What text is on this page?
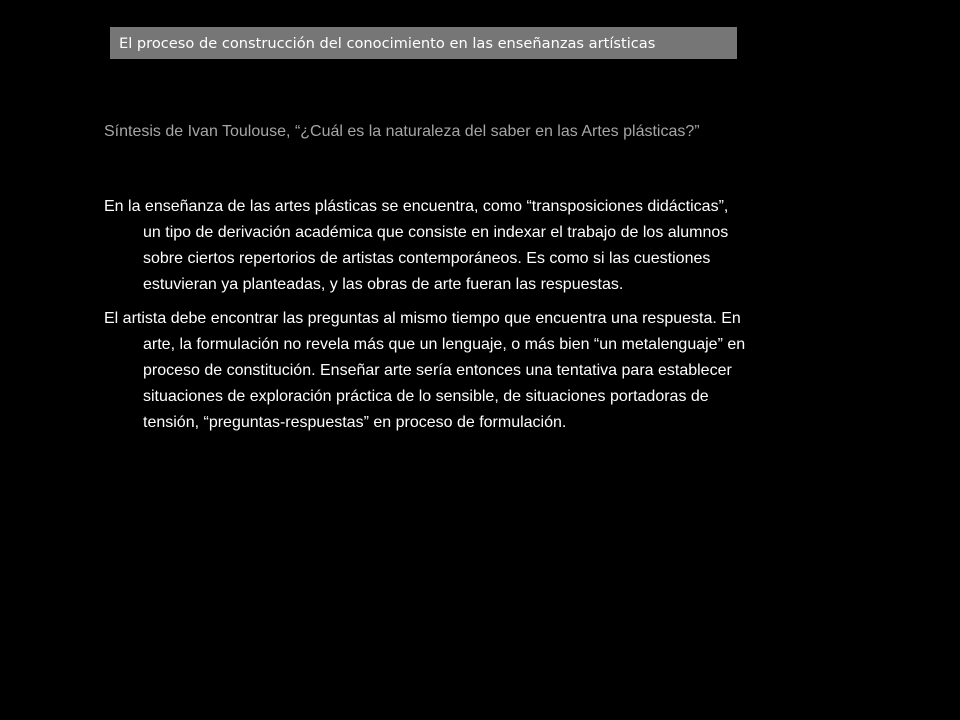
El proceso de construcción del conocimiento en las enseñanzas artísticas
Síntesis de Ivan Toulouse, “¿Cuál es la naturaleza del saber en las Artes plásticas?”
En la enseñanza de las artes plásticas se encuentra, como “transposiciones didácticas”,
un tipo de derivación académica que consiste en indexar el trabajo de los alumnos
sobre ciertos repertorios de artistas contemporáneos. Es como si las cuestiones
estuvieran ya planteadas, y las obras de arte fueran las respuestas.
El artista debe encontrar las preguntas al mismo tiempo que encuentra una respuesta. En
arte, la formulación no revela más que un lenguaje, o más bien “un metalenguaje” en
proceso de constitución. Enseñar arte sería entonces una tentativa para establecer
situaciones de exploración práctica de lo sensible, de situaciones portadoras de
tensión, “preguntas-respuestas” en proceso de formulación.
